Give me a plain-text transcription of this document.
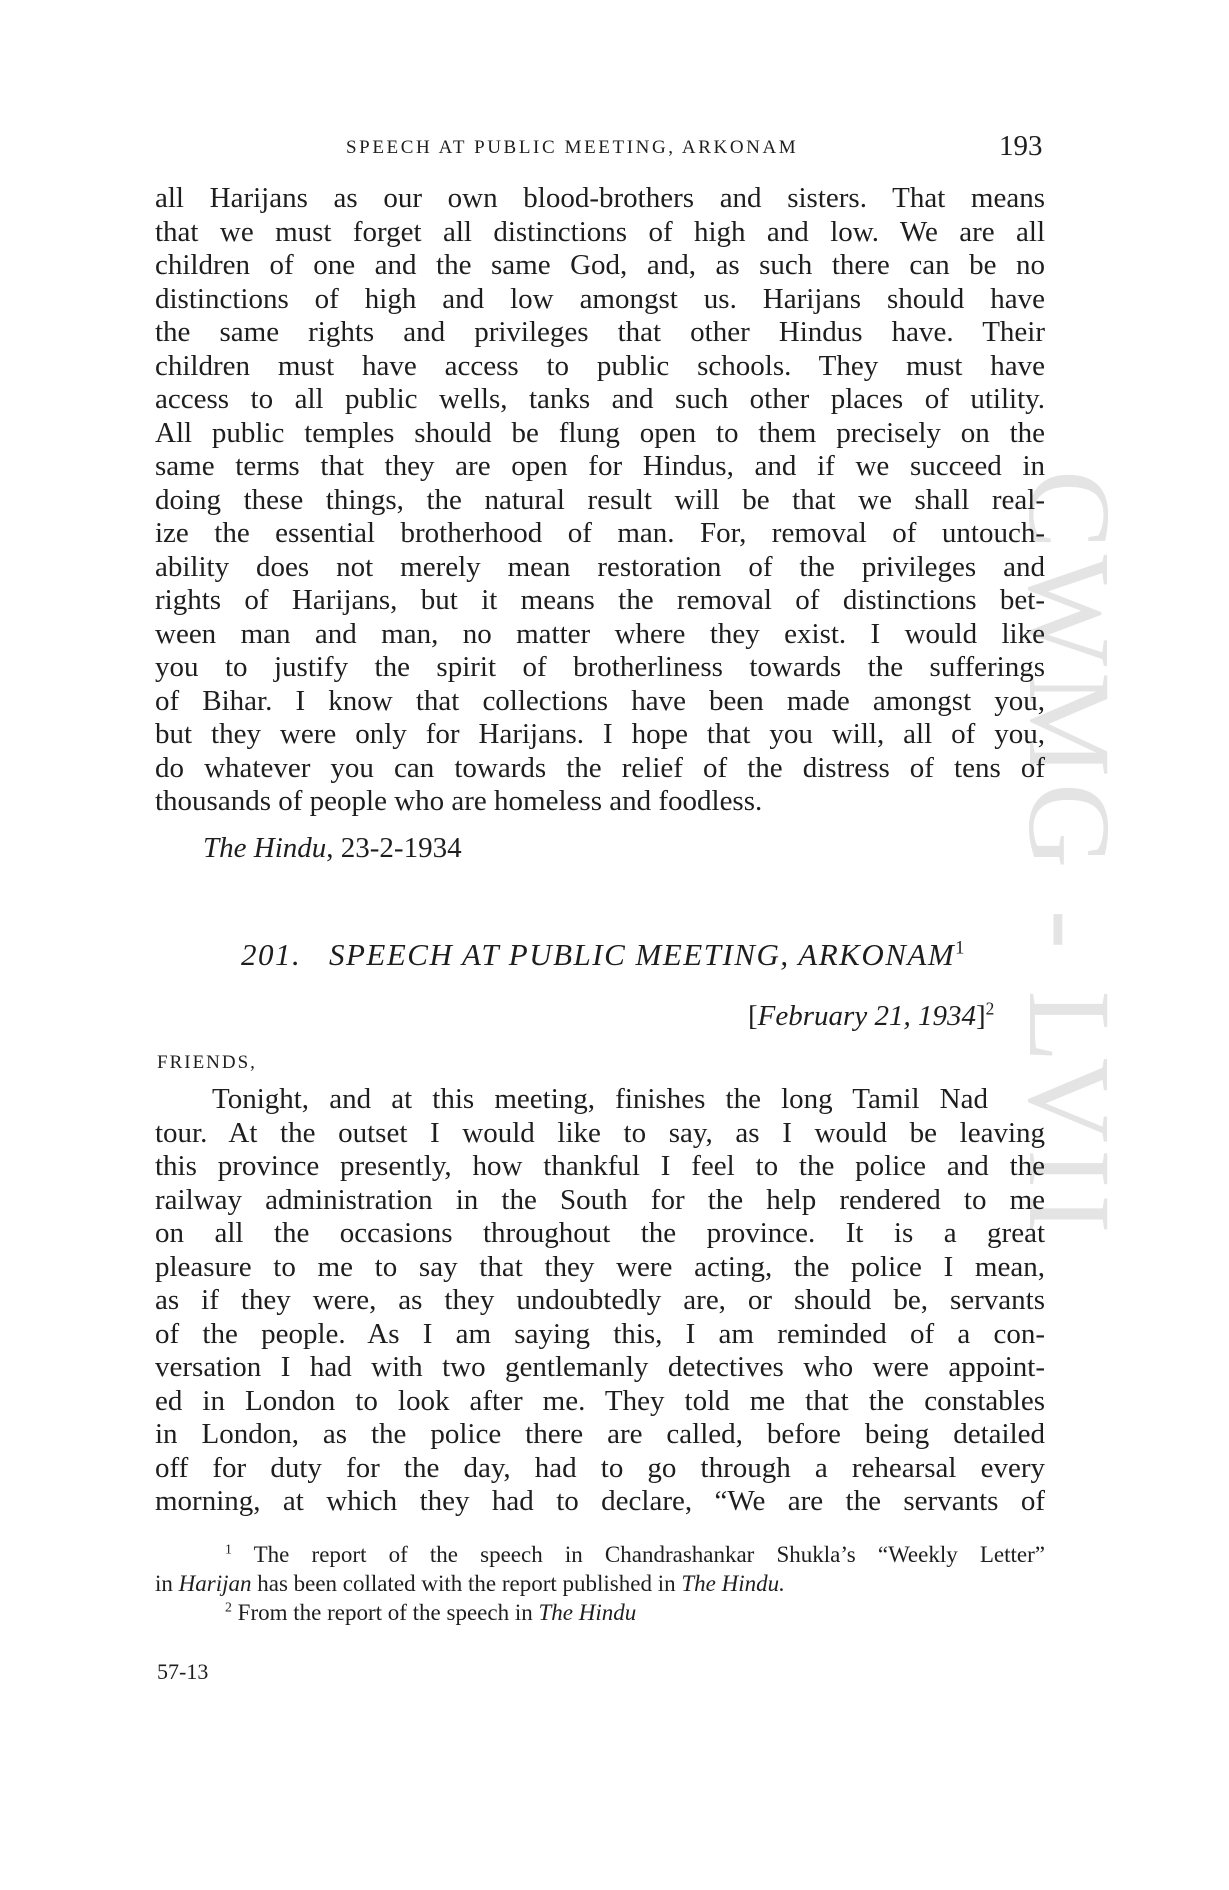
CWMG - LVII
SPEECH AT PUBLIC MEETING, ARKONAM	193
all Harijans as our own blood-brothers and sisters. That means
that we must forget all distinctions of high and low. We are all
children of one and the same God, and, as such there can be no
distinctions of high and low amongst us. Harijans should have
the same rights and privileges that other Hindus have. Their
children must have access to public schools. They must have
access to all public wells, tanks and such other places of utility.
All public temples should be flung open to them precisely on the
same terms that they are open for Hindus, and if we succeed in
doing these things, the natural result will be that we shall real-
ize the essential brotherhood of man. For, removal of untouch-
ability does not merely mean restoration of the privileges and
rights of Harijans, but it means the removal of distinctions bet-
ween man and man, no matter where they exist. I would like
you to justify the spirit of brotherliness towards the sufferings
of Bihar. I know that collections have been made amongst you,
but they were only for Harijans. I hope that you will, all of you,
do whatever you can towards the relief of the distress of tens of
thousands of people who are homeless and foodless.
The Hindu, 23-2-1934
201. SPEECH AT PUBLIC MEETING, ARKONAM$^1$
[February 21, 1934]$^2$
FRIENDS,
Tonight, and at this meeting, finishes the long Tamil Nad
tour. At the outset I would like to say, as I would be leaving
this province presently, how thankful I feel to the police and the
railway administration in the South for the help rendered to me
on all the occasions throughout the province. It is a great
pleasure to me to say that they were acting, the police I mean,
as if they were, as they undoubtedly are, or should be, servants
of the people. As I am saying this, I am reminded of a con-
versation I had with two gentlemanly detectives who were appoint-
ed in London to look after me. They told me that the constables
in London, as the police there are called, before being detailed
off for duty for the day, had to go through a rehearsal every
morning, at which they had to declare, “We are the servants of
$^1$ The report of the speech in Chandrashankar Shukla’s “Weekly Letter”
in Harijan has been collated with the report published in The Hindu.
$^2$ From the report of the speech in The Hindu
57-13
